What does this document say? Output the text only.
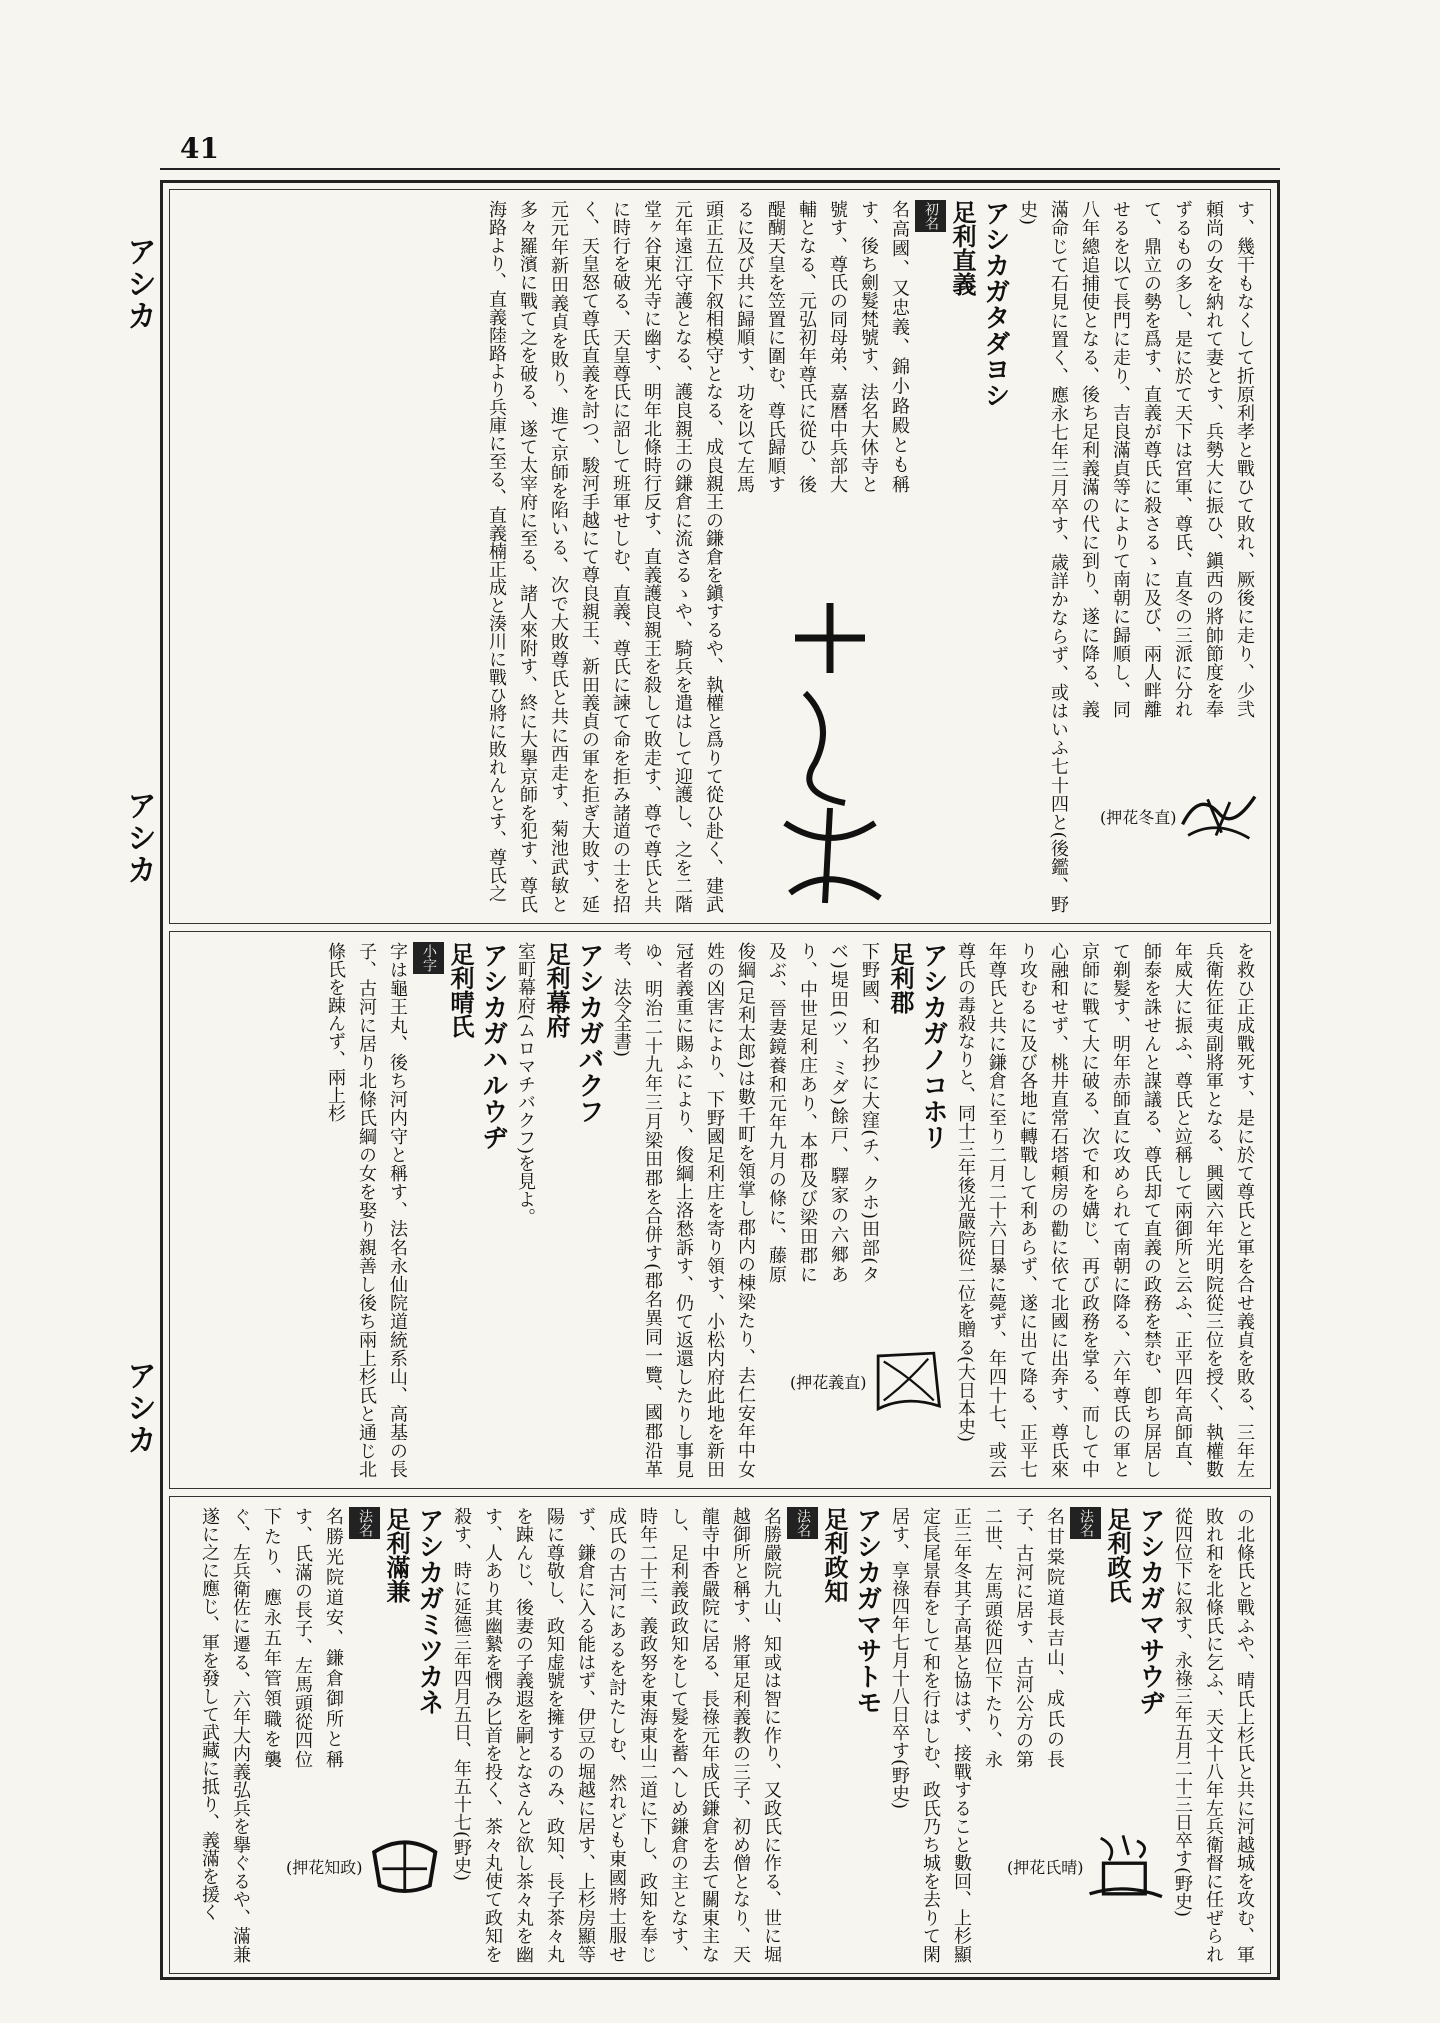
41
アシカ
アシカ
アシカ
(押花冬直)

す、幾干もなくして折原利孝と戰ひて敗れ、厥後に走り、少弐頼尚の女を納れて妻とす、兵勢大に振ひ、鎭西の將帥節度を奉ずるもの多し、是に於て天下は宮軍、尊氏、直冬の三派に分れて、鼎立の勢を爲す、直義が尊氏に殺さるゝに及び、兩人畔離せるを以て長門に走り、吉良滿貞等によりて南朝に歸順し、同八年總追捕使となる、後ち足利義滿の代に到り、遂に降る、義滿命じて石見に置く、應永七年三月卒す、歳詳かならず、或はいふ七十四と(後鑑、野史)

アシカガタダヨシ

足利直義

初名

名高國、又忠義、錦小路殿とも稱す、後ち劍髮梵號す、法名大休寺と號す、尊氏の同母弟、嘉曆中兵部大輔となる、元弘初年尊氏に從ひ、後醍醐天皇を笠置に圍む、尊氏歸順するに及び共に歸順す、功を以て左馬頭正五位下叙相模守となる、成良親王の鎌倉を鎭するや、執權と爲りて從ひ赴く、建武元年遠江守護となる、護良親王の鎌倉に流さるゝや、騎兵を遣はして迎護し、之を二階堂ヶ谷東光寺に幽す、明年北條時行反す、直義護良親王を殺して敗走す、尊で尊氏と共に時行を破る、天皇尊氏に詔して班軍せしむ、直義、尊氏に諫て命を拒み諸道の士を招く、天皇怒て尊氏直義を討つ、駿河手越にて尊良親王、新田義貞の軍を拒ぎ大敗す、延元元年新田義貞を敗り、進て京師を陷いる、次で大敗尊氏と共に西走す、菊池武敏と多々羅濱に戰て之を破る、遂て太宰府に至る、諸人來附す、終に大擧京師を犯す、尊氏海路より、直義陸路より兵庫に至る、直義楠正成と湊川に戰ひ將に敗れんとす、尊氏之

を救ひ正成戰死す、是に於て尊氏と軍を合せ義貞を敗る、三年左兵衛佐征夷副將軍となる、興國六年光明院從三位を授く、執權數年威大に振ふ、尊氏と竝稱して兩御所と云ふ、正平四年高師直、師泰を誅せんと謀議る、尊氏却て直義の政務を禁む、卽ち屏居して剃髮す、明年赤師直に攻められて南朝に降る、六年尊氏の軍と京師に戰て大に破る、次で和を媾じ、再び政務を掌る、而して中心融和せず、桃井直常石塔頼房の勸に依て北國に出奔す、尊氏來り攻むるに及び各地に轉戰して利あらず、遂に出て降る、正平七年尊氏と共に鎌倉に至り二月二十六日暴に薨ず、年四十七、或云尊氏の毒殺なりと、同十三年後光嚴院從二位を贈る(大日本史)

(押花義直)

アシカガノコホリ

足利郡

下野國、和名抄に大窪(チ、クホ)田部(タベ)堤田(ツ、ミダ)餘戸、驛家の六郷あり、中世足利庄あり、本郡及び梁田郡に及ぶ、晉妻鏡養和元年九月の條に、藤原俊綱(足利太郎)は數千町を領掌し郡内の棟梁たり、去仁安年中女姓の凶害により、下野國足利庄を寄り領す、小松内府此地を新田冠者義重に賜ふにより、俊綱上洛愁訴す、仍て返還したりし事見ゆ、明治二十九年三月梁田郡を合併す(郡名異同一覽、國郡沿革考、法令全書)

アシカガバクフ

足利幕府

室町幕府(ムロマチバクフ)を見よ。

アシカガハルウヂ

足利晴氏

小字

字は龜王丸、後ち河内守と稱す、法名永仙院道統系山、高基の長子、古河に居り北條氏綱の女を娶り親善し後ち兩上杉氏と通じ北條氏を踈んず、兩上杉

の北條氏と戰ふや、晴氏上杉氏と共に河越城を攻む、軍敗れ和を北條氏に乞ふ、天文十八年左兵衛督に任ぜられ從四位下に叙す、永祿三年五月二十三日卒す(野史)

(押花氏晴)

アシカガマサウヂ

足利政氏

法名

名甘棠院道長吉山、成氏の長子、古河に居す、古河公方の第二世、左馬頭從四位下たり、永正三年冬其子高基と協はず、接戰すること數回、上杉顯定長尾景春をして和を行はしむ、政氏乃ち城を去りて閑居す、享祿四年七月十八日卒す(野史)

アシカガマサトモ

足利政知

法名

名勝嚴院九山、知或は智に作り、又政氏に作る、世に堀越御所と稱す、將軍足利義教の三子、初め僧となり、天龍寺中香嚴院に居る、長祿元年成氏鎌倉を去て關東主なし、足利義政政知をして髮を蓄へしめ鎌倉の主となす、時年二十三、義政努を東海東山二道に下し、政知を奉じ成氏の古河にあるを討たしむ、然れども東國將士服せず、鎌倉に入る能はず、伊豆の堀越に居す、上杉房顯等陽に尊敬し、政知虚號を擁するのみ、政知、長子茶々丸を踈んじ、後妻の子義遐を嗣となさんと欲し茶々丸を幽す、人あり其幽縶を憫み匕首を投く、茶々丸使て政知を殺す、時に延德三年四月五日、年五十七(野史)

(押花知政)

アシカガミツカネ

足利滿兼

法名

名勝光院道安、鎌倉御所と稱す、氏滿の長子、左馬頭從四位下たり、應永五年管領職を襲ぐ、左兵衛佐に遷る、六年大内義弘兵を擧ぐるや、滿兼遂に之に應じ、軍を發して武藏に抵り、義滿を援く
